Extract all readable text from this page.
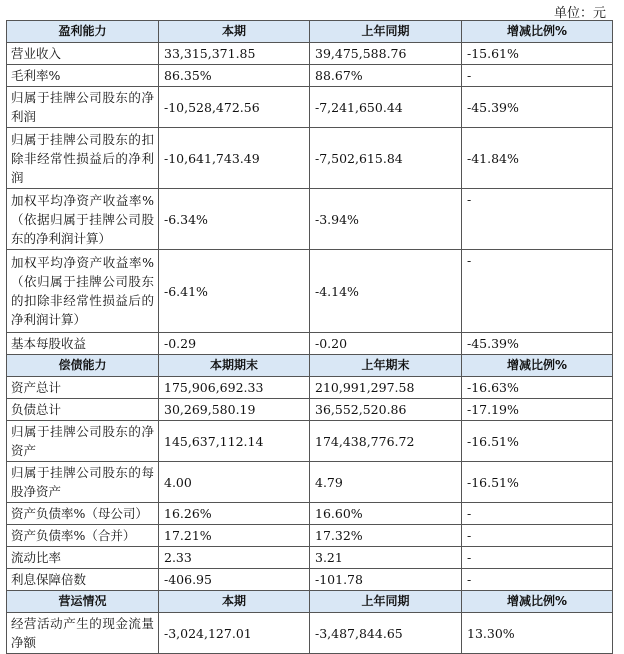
单位：元
盈利能力	本期	上年同期	增减比例%
营业收入	33,315,371.85	39,475,588.76	-15.61%
毛利率%	86.35%	88.67%	-
归属于挂牌公司股东的净利润	-10,528,472.56	-7,241,650.44	-45.39%
归属于挂牌公司股东的扣除非经常性损益后的净利润	-10,641,743.49	-7,502,615.84	-41.84%
加权平均净资产收益率%（依据归属于挂牌公司股东的净利润计算）	-6.34%	-3.94%	-
加权平均净资产收益率%（依归属于挂牌公司股东的扣除非经常性损益后的净利润计算）	-6.41%	-4.14%	-
基本每股收益	-0.29	-0.20	-45.39%
偿债能力	本期期末	上年期末	增减比例%
资产总计	175,906,692.33	210,991,297.58	-16.63%
负债总计	30,269,580.19	36,552,520.86	-17.19%
归属于挂牌公司股东的净资产	145,637,112.14	174,438,776.72	-16.51%
归属于挂牌公司股东的每股净资产	4.00	4.79	-16.51%
资产负债率%（母公司）	16.26%	16.60%	-
资产负债率%（合并）	17.21%	17.32%	-
流动比率	2.33	3.21	-
利息保障倍数	-406.95	-101.78	-
营运情况	本期	上年同期	增减比例%
经营活动产生的现金流量净额	-3,024,127.01	-3,487,844.65	13.30%
